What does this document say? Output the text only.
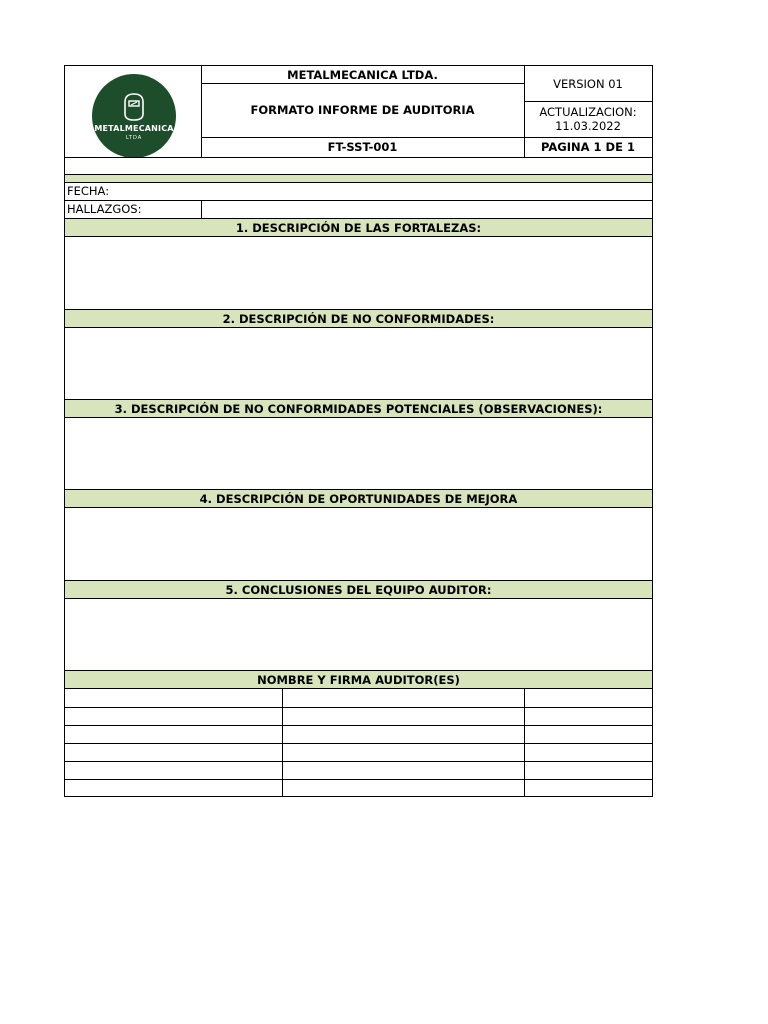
METALMECANICA
LTDA
METALMECANICA LTDA.
FORMATO INFORME DE AUDITORIA
FT-SST-001
VERSION 01
ACTUALIZACION:
11.03.2022
PAGINA 1 DE 1
FECHA:
HALLAZGOS:
1. DESCRIPCIÓN DE LAS FORTALEZAS:
2. DESCRIPCIÓN DE NO CONFORMIDADES:
3. DESCRIPCIÓN DE NO CONFORMIDADES POTENCIALES (OBSERVACIONES):
4. DESCRIPCIÓN DE OPORTUNIDADES DE MEJORA
5. CONCLUSIONES DEL EQUIPO AUDITOR:
NOMBRE Y FIRMA AUDITOR(ES)
